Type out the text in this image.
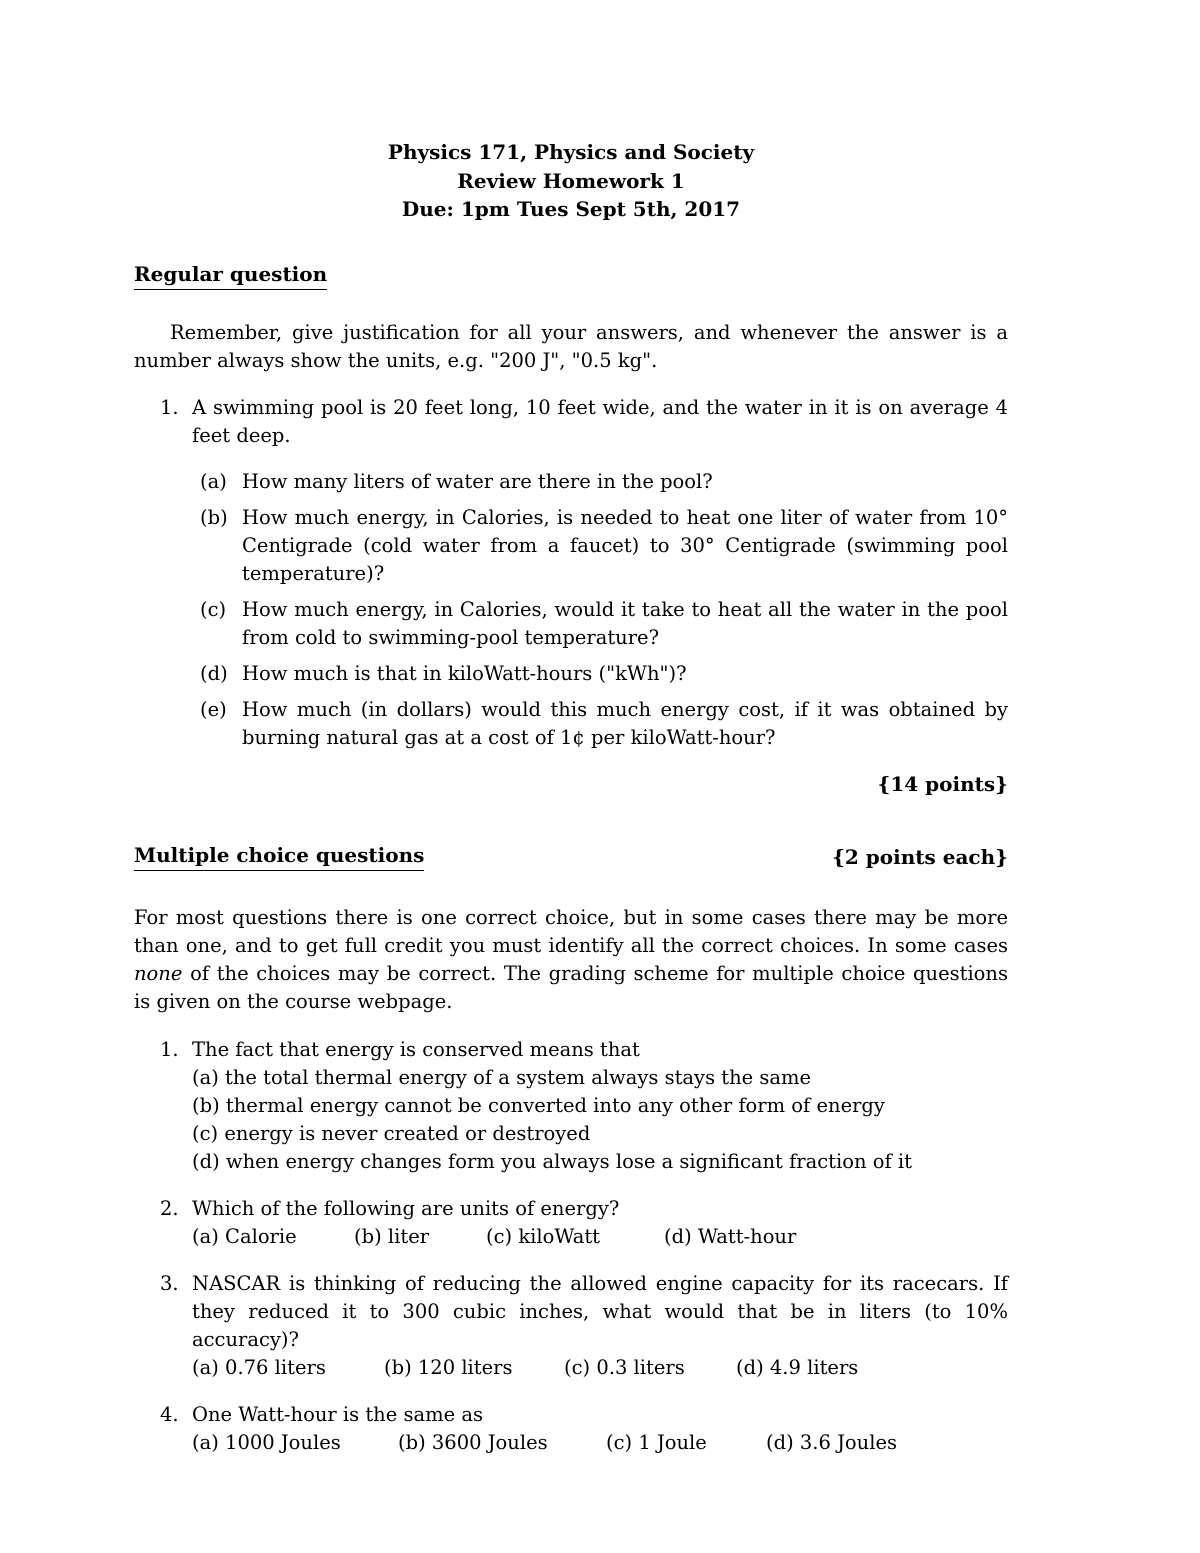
Physics 171, Physics and Society
Review Homework 1
Due: 1pm Tues Sept 5th, 2017
Regular question

Remember, give justification for all your answers, and whenever the answer is a number always show the units, e.g. "200 J", "0.5 kg".

1. A swimming pool is 20 feet long, 10 feet wide, and the water in it is on average 4 feet deep.
(a) How many liters of water are there in the pool?
(b) How much energy, in Calories, is needed to heat one liter of water from 10° Centigrade (cold water from a faucet) to 30° Centigrade (swimming pool temperature)?
(c) How much energy, in Calories, would it take to heat all the water in the pool from cold to swimming-pool temperature?
(d) How much is that in kiloWatt-hours ("kWh")?
(e) How much (in dollars) would this much energy cost, if it was obtained by burning natural gas at a cost of 1¢ per kiloWatt-hour?
{14 points}
Multiple choice questions	{2 points each}

For most questions there is one correct choice, but in some cases there may be more than one, and to get full credit you must identify all the correct choices. In some cases none of the choices may be correct. The grading scheme for multiple choice questions is given on the course webpage.

1. The fact that energy is conserved means that
(a) the total thermal energy of a system always stays the same
(b) thermal energy cannot be converted into any other form of energy
(c) energy is never created or destroyed
(d) when energy changes form you always lose a significant fraction of it
2. Which of the following are units of energy?
(a) Calorie	(b) liter	(c) kiloWatt	(d) Watt-hour
3. NASCAR is thinking of reducing the allowed engine capacity for its racecars. If they reduced it to 300 cubic inches, what would that be in liters (to 10% accuracy)?
(a) 0.76 liters	(b) 120 liters	(c) 0.3 liters	(d) 4.9 liters
4. One Watt-hour is the same as
(a) 1000 Joules	(b) 3600 Joules	(c) 1 Joule	(d) 3.6 Joules
